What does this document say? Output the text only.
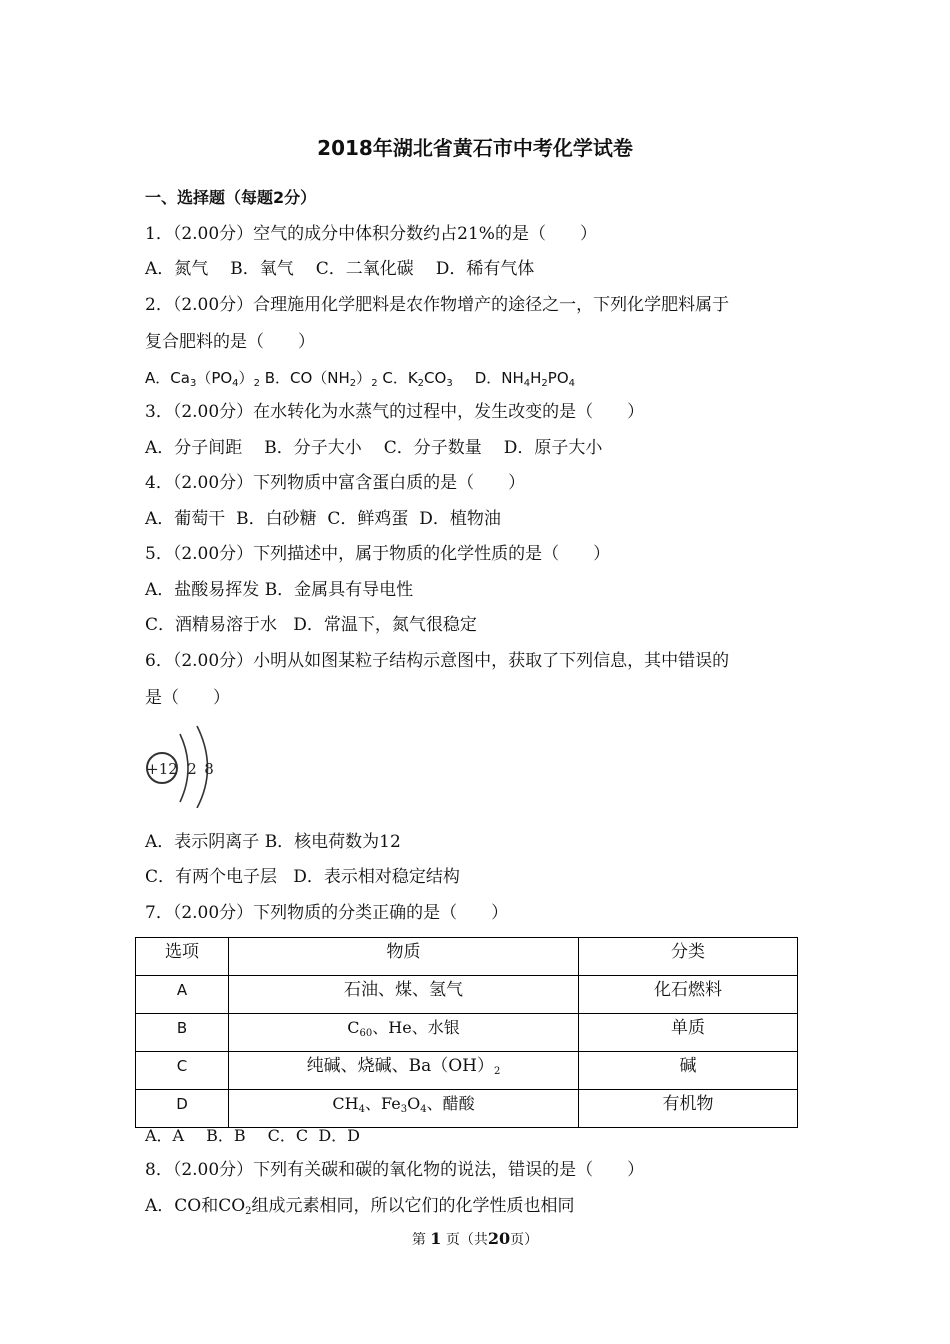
2018年湖北省黄石市中考化学试卷
一、选择题（每题2分）
1．（2.00分）空气的成分中体积分数约占21%的是（　　）
A．氮气 B．氧气 C．二氧化碳 D．稀有气体
2．（2.00分）合理施用化学肥料是农作物增产的途径之一，下列化学肥料属于
复合肥料的是（　　）
A．$Ca_3(PO_4)_2$ B．$CO(NH_2)_2$ C．$K_2CO_3$ D．$NH_4H_2PO_4$
3．（2.00分）在水转化为水蒸气的过程中，发生改变的是（　　）
A．分子间距 B．分子大小 C．分子数量 D．原子大小
4．（2.00分）下列物质中富含蛋白质的是（　　）
A．葡萄干 B．白砂糖 C．鲜鸡蛋 D．植物油
5．（2.00分）下列描述中，属于物质的化学性质的是（　　）
A．盐酸易挥发 B．金属具有导电性
C．酒精易溶于水 D．常温下，氮气很稳定
6．（2.00分）小明从如图某粒子结构示意图中，获取了下列信息，其中错误的
是（　　）
+12 2 8
A．表示阴离子 B．核电荷数为12
C．有两个电子层 D．表示相对稳定结构
7．（2.00分）下列物质的分类正确的是（　　）
选项	物质	分类
A	石油、煤、氢气	化石燃料
B	$C_{60}$、He、水银	单质
C	纯碱、烧碱、$Ba(OH)_2$	碱
D	$CH_4$、$Fe_3O_4$、醋酸	有机物
A．A B．B C．C D．D
8．（2.00分）下列有关碳和碳的氧化物的说法，错误的是（　　）
A．CO和$CO_2$组成元素相同，所以它们的化学性质也相同
第 1 页（共20页）
